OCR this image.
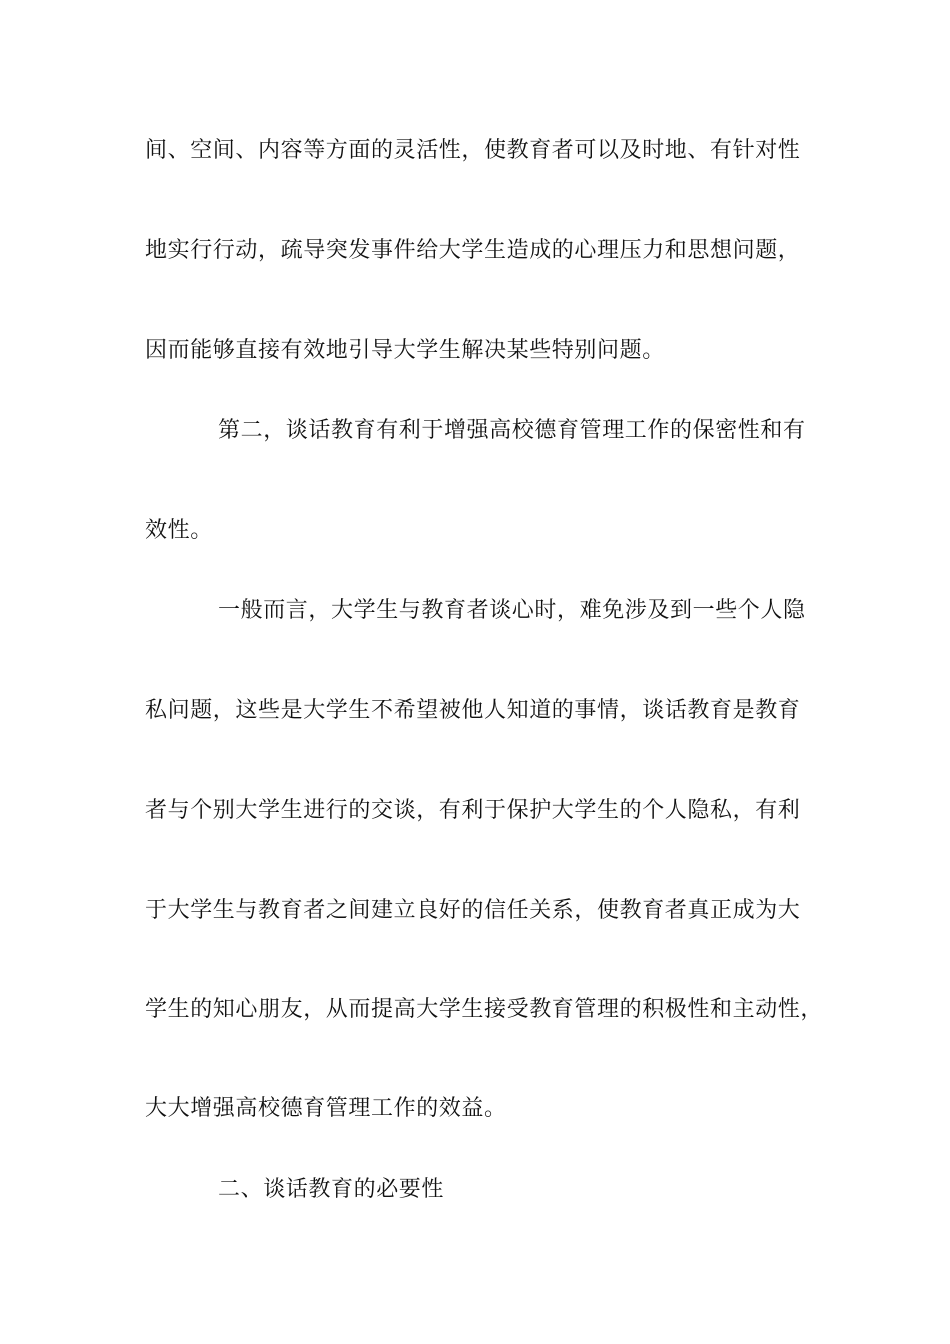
间、空间、内容等方面的灵活性，使教育者可以及时地、有针对性
地实行行动，疏导突发事件给大学生造成的心理压力和思想问题，
因而能够直接有效地引导大学生解决某些特别问题。
第二，谈话教育有利于增强高校德育管理工作的保密性和有
效性。
一般而言，大学生与教育者谈心时，难免涉及到一些个人隐
私问题，这些是大学生不希望被他人知道的事情，谈话教育是教育
者与个别大学生进行的交谈，有利于保护大学生的个人隐私，有利
于大学生与教育者之间建立良好的信任关系，使教育者真正成为大
学生的知心朋友，从而提高大学生接受教育管理的积极性和主动性，
大大增强高校德育管理工作的效益。
二、谈话教育的必要性
